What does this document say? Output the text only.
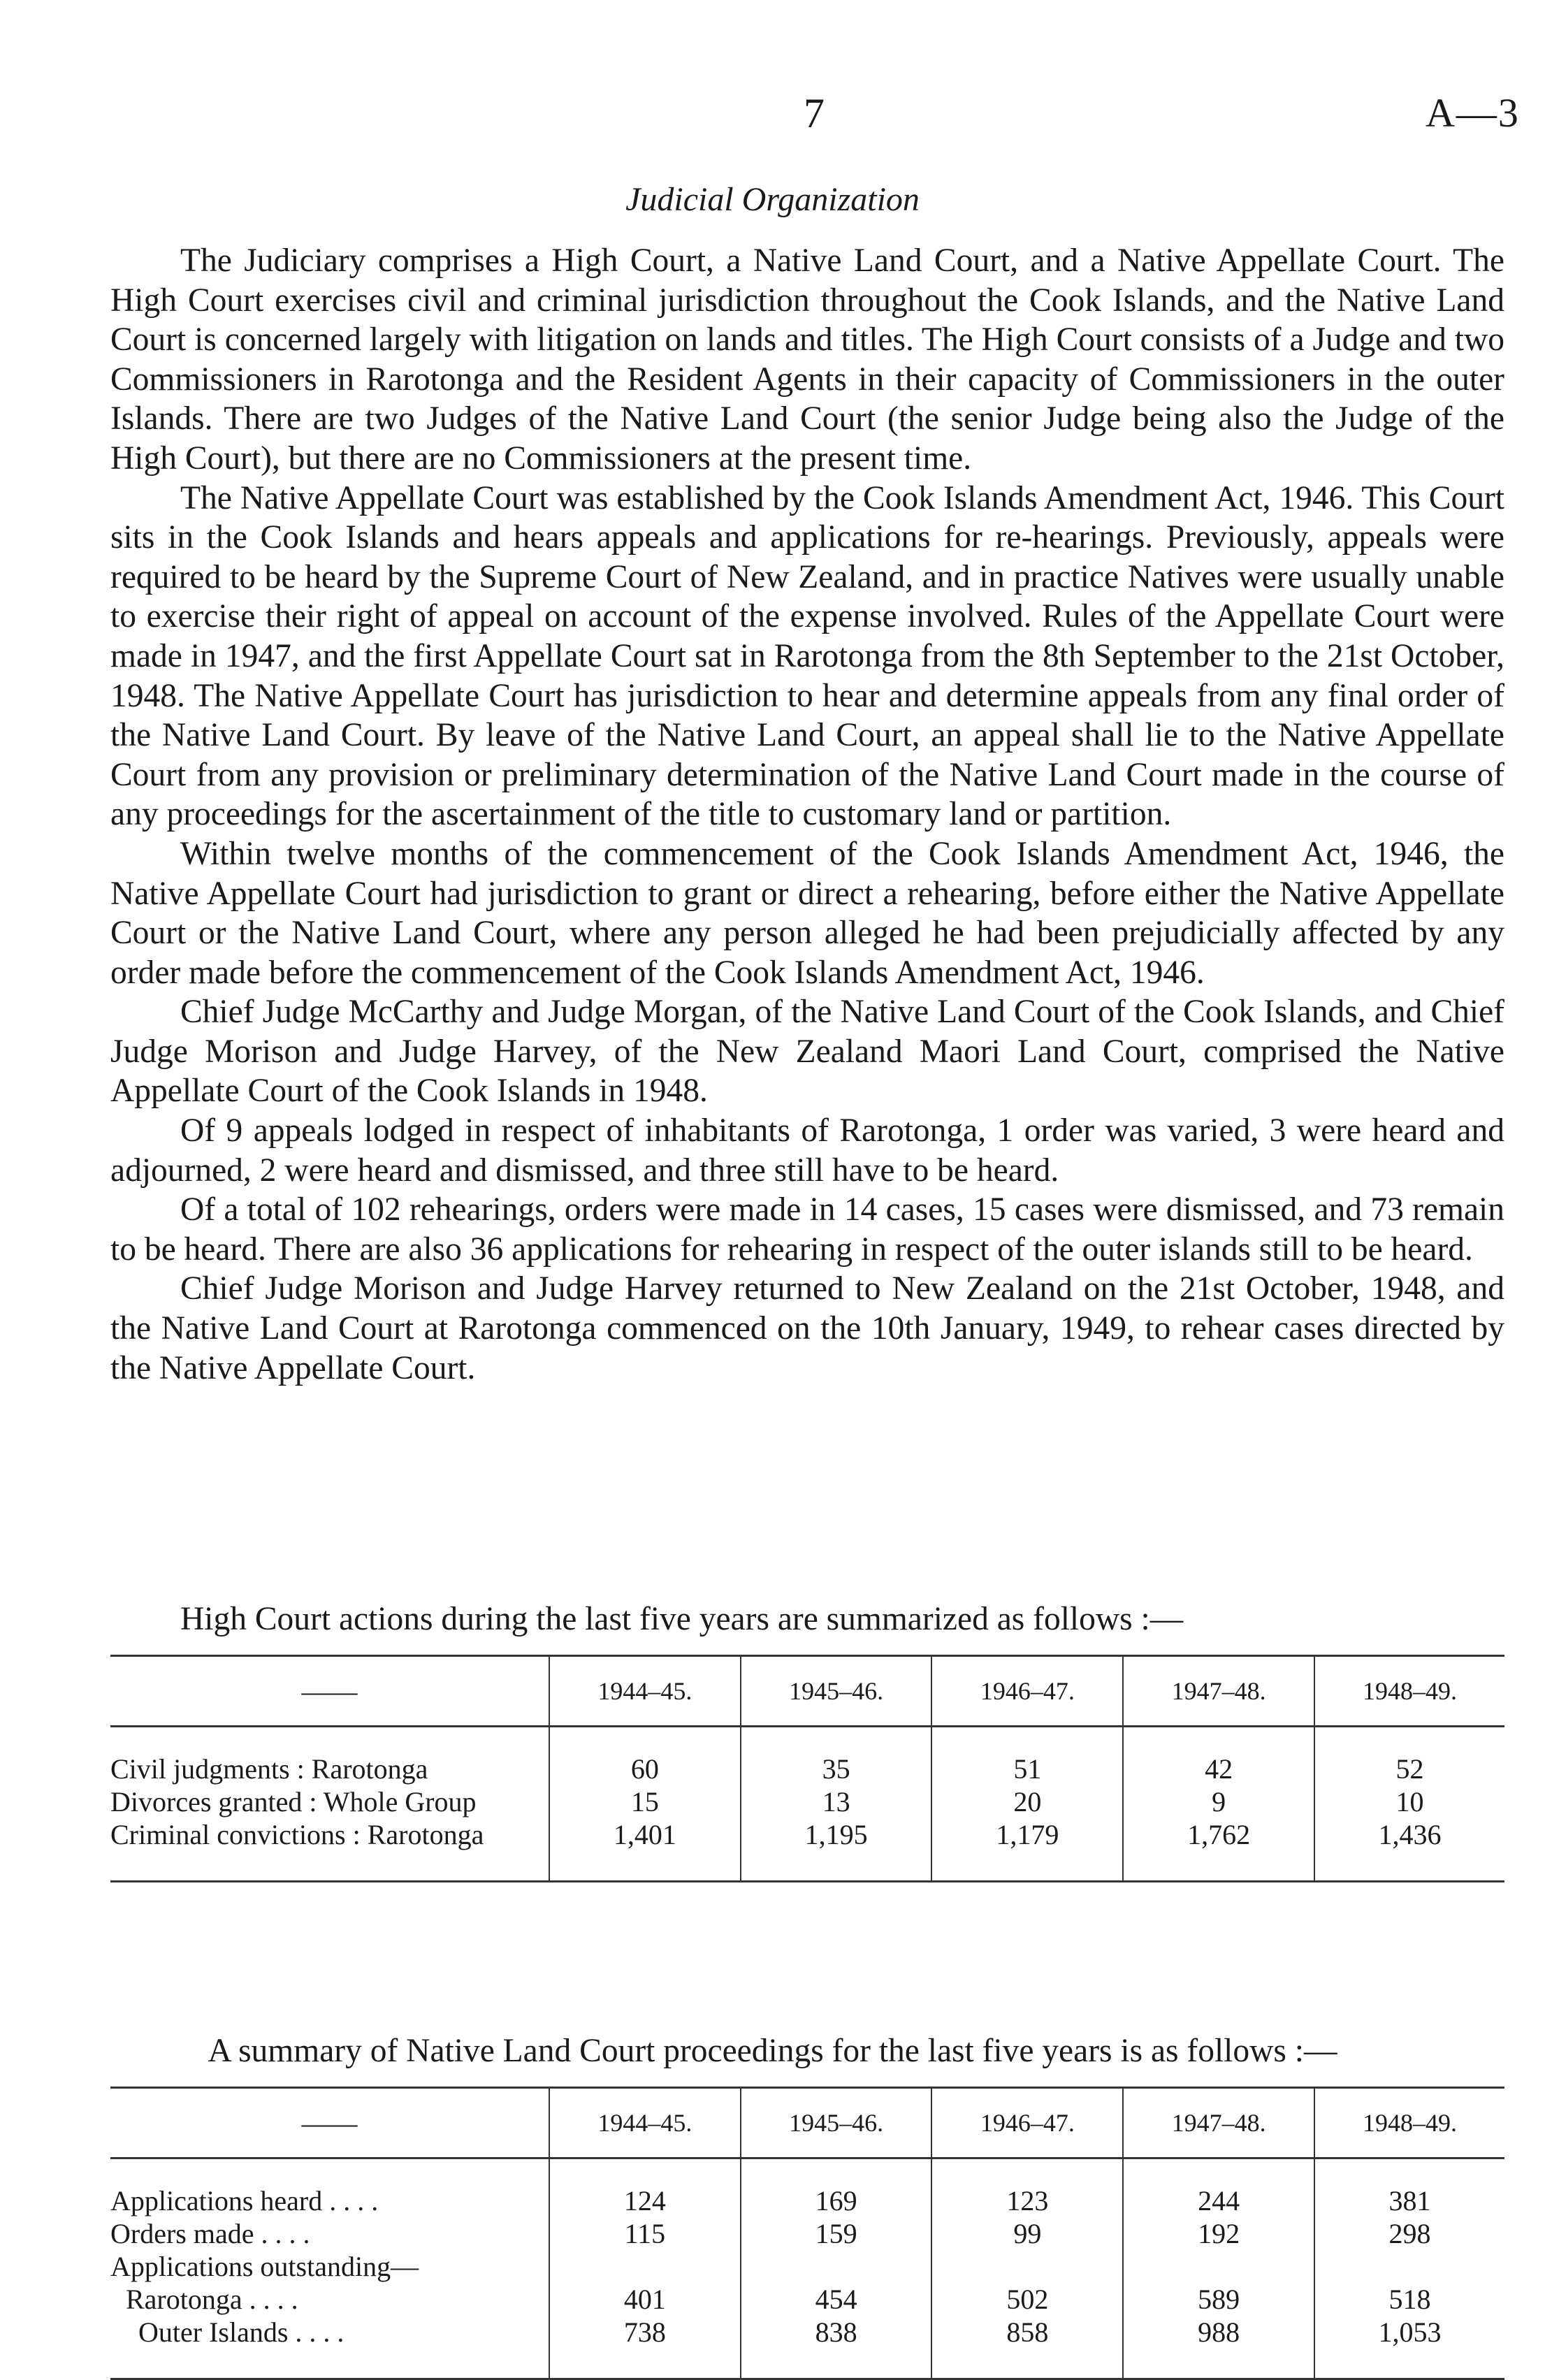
7	A—3
Judicial Organization

The Judiciary comprises a High Court, a Native Land Court, and a Native Appellate Court. The High Court exercises civil and criminal jurisdiction throughout the Cook Islands, and the Native Land Court is concerned largely with litigation on lands and titles. The High Court consists of a Judge and two Commissioners in Rarotonga and the Resident Agents in their capacity of Commissioners in the outer Islands. There are two Judges of the Native Land Court (the senior Judge being also the Judge of the High Court), but there are no Commissioners at the present time.

The Native Appellate Court was established by the Cook Islands Amendment Act, 1946. This Court sits in the Cook Islands and hears appeals and applications for re-hearings. Previously, appeals were required to be heard by the Supreme Court of New Zealand, and in practice Natives were usually unable to exercise their right of appeal on account of the expense involved. Rules of the Appellate Court were made in 1947, and the first Appellate Court sat in Rarotonga from the 8th September to the 21st October, 1948. The Native Appellate Court has jurisdiction to hear and determine appeals from any final order of the Native Land Court. By leave of the Native Land Court, an appeal shall lie to the Native Appellate Court from any provision or preliminary determination of the Native Land Court made in the course of any proceedings for the ascertainment of the title to customary land or partition.

Within twelve months of the commencement of the Cook Islands Amendment Act, 1946, the Native Appellate Court had jurisdiction to grant or direct a rehearing, before either the Native Appellate Court or the Native Land Court, where any person alleged he had been prejudicially affected by any order made before the commencement of the Cook Islands Amendment Act, 1946.

Chief Judge McCarthy and Judge Morgan, of the Native Land Court of the Cook Islands, and Chief Judge Morison and Judge Harvey, of the New Zealand Maori Land Court, comprised the Native Appellate Court of the Cook Islands in 1948.

Of 9 appeals lodged in respect of inhabitants of Rarotonga, 1 order was varied, 3 were heard and adjourned, 2 were heard and dismissed, and three still have to be heard.

Of a total of 102 rehearings, orders were made in 14 cases, 15 cases were dismissed, and 73 remain to be heard. There are also 36 applications for rehearing in respect of the outer islands still to be heard.

Chief Judge Morison and Judge Harvey returned to New Zealand on the 21st October, 1948, and the Native Land Court at Rarotonga commenced on the 10th January, 1949, to rehear cases directed by the Native Appellate Court.

High Court actions during the last five years are summarized as follows :—
——	1944–45.	1945–46.	1946–47.	1947–48.	1948–49.

Civil judgments : Rarotonga	60	35	51	42	52
Divorces granted : Whole Group	15	13	20	9	10
Criminal convictions : Rarotonga	1,401	1,195	1,179	1,762	1,436

A summary of Native Land Court proceedings for the last five years is as follows :—
——	1944–45.	1945–46.	1946–47.	1947–48.	1948–49.

Applications heard . . . .	124	169	123	244	381
Orders made . . . .	115	159	99	192	298
Applications outstanding—					
Rarotonga . . . .	401	454	502	589	518
Outer Islands . . . .	738	838	858	988	1,053
